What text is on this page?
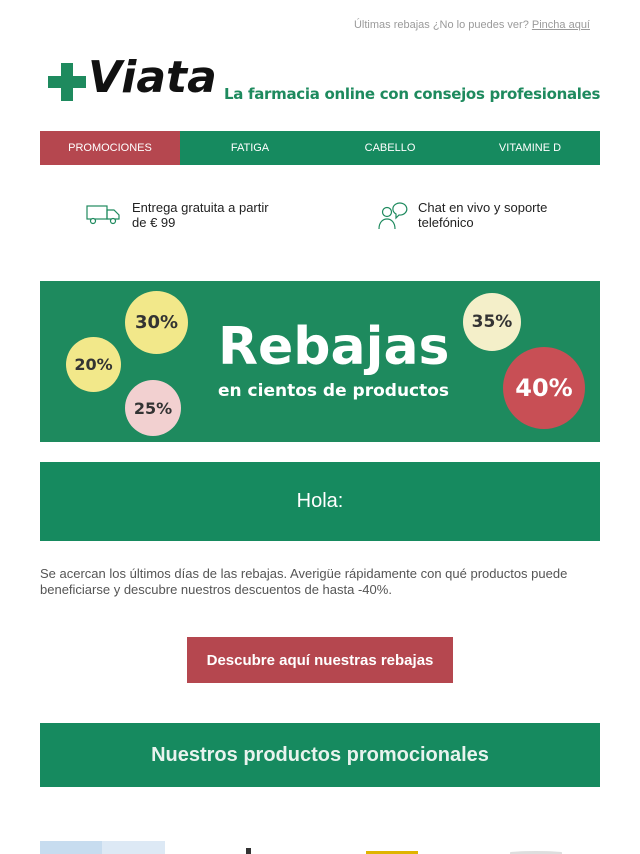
Últimas rebajas ¿No lo puedes ver? Pincha aquí
Viata La farmacia online con consejos profesionales
PROMOCIONES	FATIGA	CABELLO	VITAMINE D
Entrega gratuita a partir
de € 99
Chat en vivo y soporte
telefónico
30%
20%
25%
35%
40%
Rebajas
en cientos de productos
Hola:
Se acercan los últimos días de las rebajas. Averigüe rápidamente con qué productos puede beneficiarse y descubre nuestros descuentos de hasta -40%.
Descubre aquí nuestras rebajas
Nuestros productos promocionales
